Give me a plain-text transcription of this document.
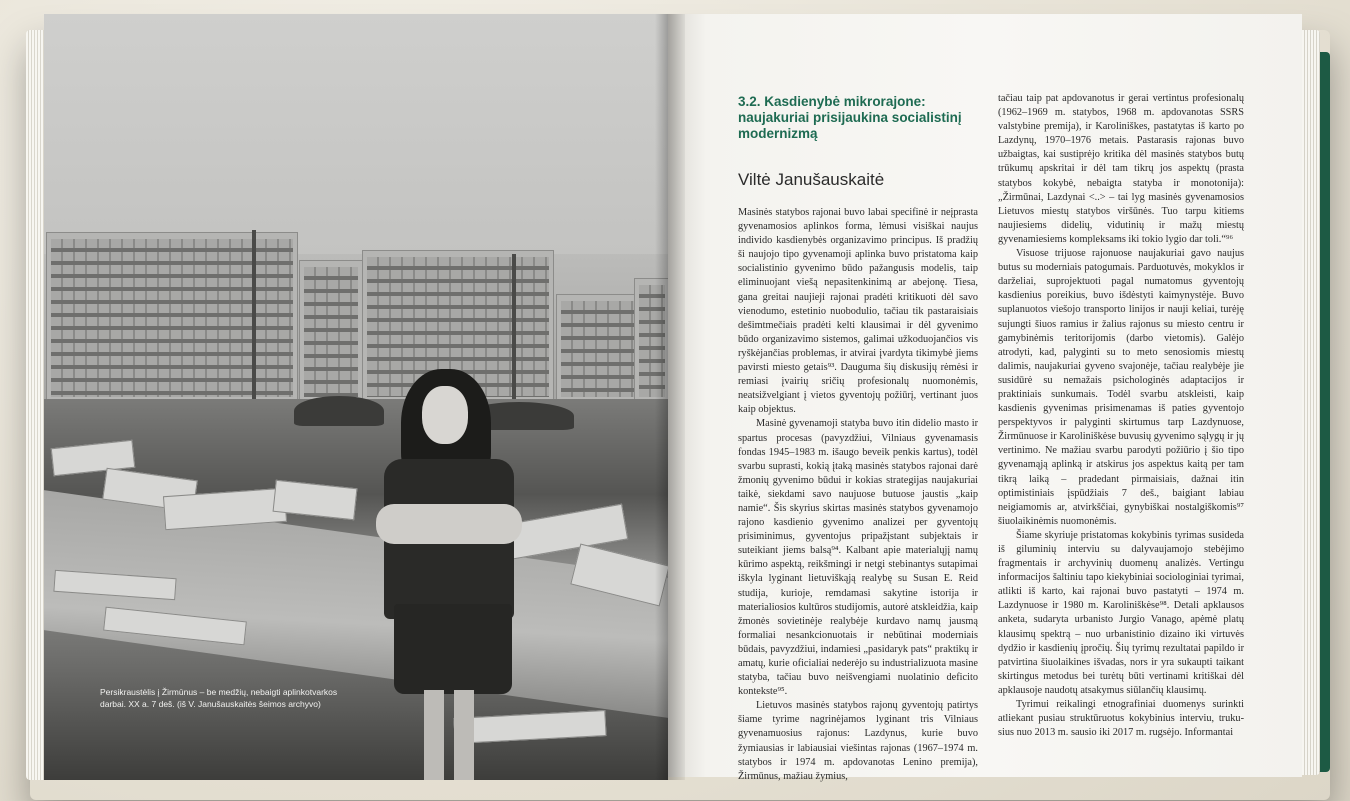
Persikraustėlis į Žirmūnus – be medžių, nebaigti aplinkotvarkos darbai. XX a. 7 deš. (iš V. Janušauskaitės šeimos archyvo)
3.2. Kasdienybė mikrorajone: naujakuriai prisijaukina socialistinį modernizmą

Viltė Janušauskaitė

Masinės statybos rajonai buvo labai specifinė ir neįprasta gyvenamosios aplinkos forma, lėmusi visiškai naujus individo kasdienybės organizavimo principus. Iš pradžių ši naujojo tipo gyvenamoji aplinka buvo pristatoma kaip socialistinio gyvenimo būdo pažangusis modelis, taip eliminuojant viešą nepasitenkinimą ar abejonę. Tiesa, gana greitai naujieji rajonai pradėti kritikuoti dėl savo vienodumo, estetinio nuobodulio, tačiau tik pastaraisiais dešimtmečiais pradėti kelti klausimai ir dėl gyvenimo būdo organizavimo sistemos, galimai užkoduojančios vis ryškėjančias problemas, ir atvirai įvardyta tikimybė jiems pavirsti miesto getais⁹³. Dauguma šių diskusijų rėmėsi ir remiasi įvairių sričių profesionalų nuomonėmis, neatsižvelgiant į vietos gyventojų požiūrį, vertinant juos kaip objektus.

Masinė gyvenamoji statyba buvo itin didelio masto ir spartus procesas (pavyzdžiui, Vilniaus gyvenamasis fondas 1945–1983 m. išaugo beveik penkis kartus), todėl svarbu suprasti, kokią įtaką masinės statybos rajonai darė žmonių gyvenimo būdui ir kokias strategijas naujakuriai taikė, siekdami savo naujuose butuose jaustis „kaip namie“. Šis skyrius skirtas masinės statybos gyvenamojo rajono kasdienio gyvenimo analizei per gyventojų prisiminimus, gyventojus pripažįstant subjektais ir suteikiant jiems balsą⁹⁴. Kalbant apie materialųjį namų kūrimo aspektą, reikšmingi ir netgi stebinantys sutapimai iškyla lyginant lietuviškąją realybę su Susan E. Reid studija, kurioje, remdamasi sakytine istorija ir materialiosios kultūros studijomis, autorė atskleidžia, kaip žmonės sovietinėje realybėje kurdavo namų jausmą formaliai nesankcionuotais ir nebūtinai moderniais būdais, pavyzdžiui, indamiesi „pasidaryk pats“ praktikų ir amatų, kurie oficialiai nederėjo su industrializuota masine statyba, tačiau buvo neišvengiami nuolatinio deficito kontekste⁹⁵.

Lietuvos masinės statybos rajonų gyventojų patirtys šiame tyrime nagrinėjamos lyginant tris Vilniaus gyvenamuosius rajonus: Lazdynus, kurie buvo žymiausias ir labiausiai viešintas rajonas (1967–1974 m. statybos ir 1974 m. apdovanotas Lenino premija), Žirmūnus, mažiau žymius,

tačiau taip pat apdovanotus ir gerai vertintus profesionalų (1962–1969 m. statybos, 1968 m. apdovanotas SSRS valstybine premija), ir Karoliniškes, pastatytas iš karto po Lazdynų, 1970–1976 metais. Pastarasis rajonas buvo užbaigtas, kai sustiprėjo kritika dėl masinės statybos butų trūkumų apskritai ir dėl tam tikrų jos aspektų (prasta statybos kokybė, nebaigta statyba ir monotonija): „Žirmūnai, Lazdynai <..> – tai lyg masinės gyvenamosios Lietuvos miestų statybos viršūnės. Tuo tarpu kitiems naujiesiems didelių, vidutinių ir mažų miestų gyvenamiesiems kompleksams iki tokio lygio dar toli.“⁹⁶

Visuose trijuose rajonuose naujakuriai gavo naujus butus su moderniais patogumais. Parduotuvės, mokyklos ir darželiai, suprojektuoti pagal numatomus gyventojų kasdienius poreikius, buvo išdėstyti kaimynystėje. Buvo suplanuotos viešojo transporto linijos ir nauji keliai, turėję sujungti šiuos ramius ir žalius rajonus su miesto centru ir gamybinėmis teritorijomis (darbo vietomis). Galėjo atrodyti, kad, palyginti su to meto senosiomis miestų dalimis, naujakuriai gyveno svajonėje, tačiau realybėje jie susidūrė su nemažais psichologinės adaptacijos ir praktiniais sunkumais. Todėl svarbu atskleisti, kaip kasdienis gyvenimas prisimenamas iš paties gyventojo perspektyvos ir palyginti skirtumus tarp Lazdynuose, Žirmūnuose ir Karoliniškėse buvusių gyvenimo sąlygų ir jų vertinimo. Ne mažiau svarbu parodyti požiūrio į šio tipo gyvenamąją aplinką ir atskirus jos aspektus kaitą per tam tikrą laiką – pradedant pirmaisiais, dažnai itin optimistiniais įspūdžiais 7 deš., baigiant labiau neigiamomis ar, atvirkščiai, gynybiškai nostalgiškomis⁹⁷ šiuolaikinėmis nuomonėmis.

Šiame skyriuje pristatomas kokybinis tyrimas susideda iš giluminių interviu su dalyvaujamojo stebėjimo fragmentais ir archyvinių duomenų analizės. Vertingu informacijos šaltiniu tapo kiekybiniai sociologiniai tyrimai, atlikti iš karto, kai rajonai buvo pastatyti – 1974 m. Lazdynuose ir 1980 m. Karoliniškėse⁹⁸. Detali apklausos anketa, sudaryta urbanisto Jurgio Vanago, apėmė platų klausimų spektrą – nuo urbanistinio dizaino iki virtuvės dydžio ir kasdienių įpročių. Šių tyrimų rezultatai papildo ir patvirtina šiuolaikines išvadas, nors ir yra sukaupti taikant skirtingus metodus bei turėtų būti vertinami kritiškai dėl apklausoje naudotų atsakymus siūlančių klausimų.

Tyrimui reikalingi etnografiniai duomenys surinkti atliekant pusiau struktūruotus kokybinius interviu, trukusius nuo 2013 m. sausio iki 2017 m. rugsėjo. Informantai
